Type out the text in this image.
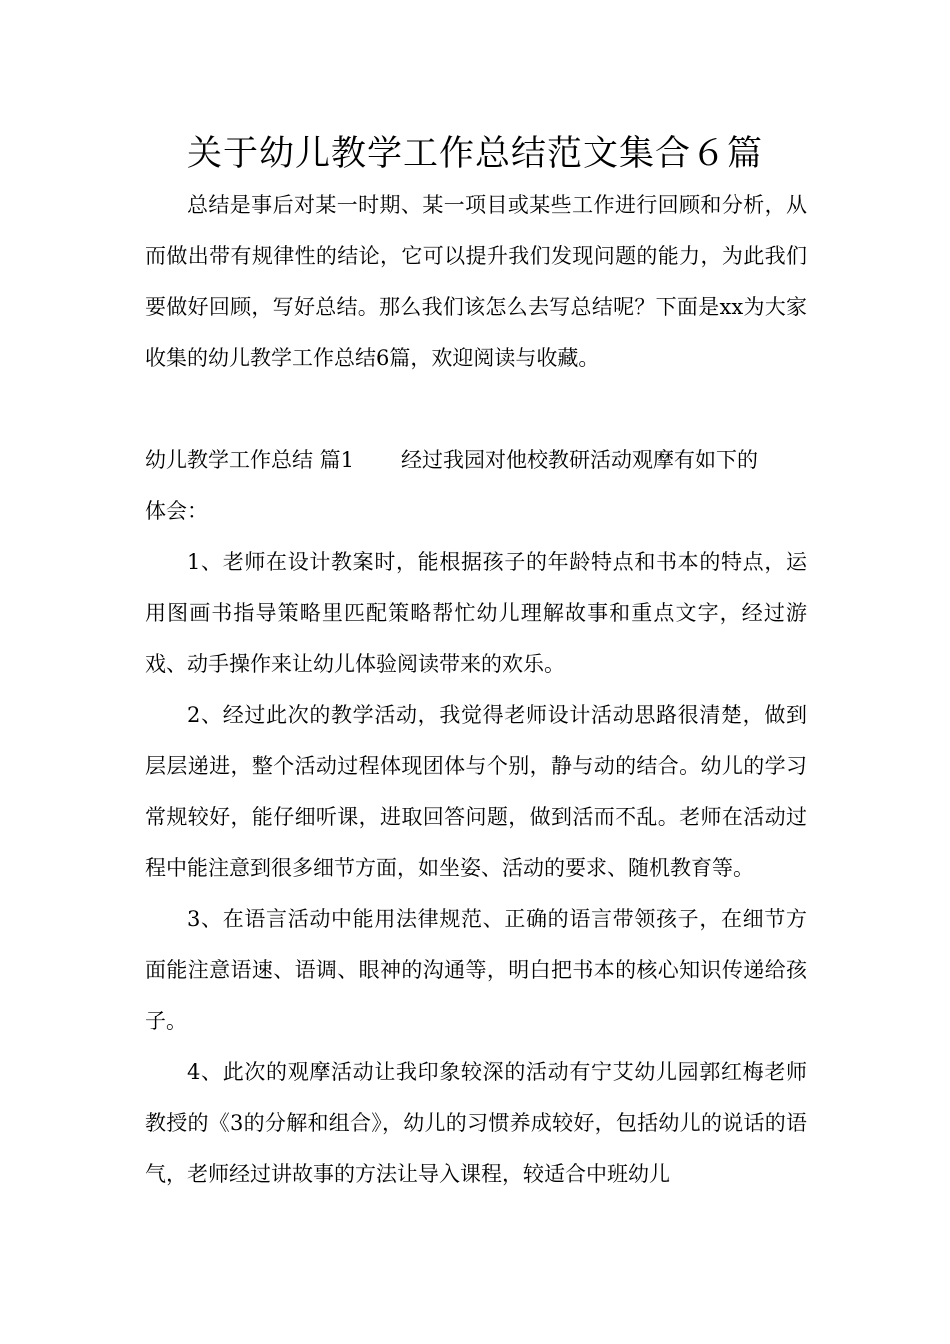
关于幼儿教学工作总结范文集合６篇

总结是事后对某一时期、某一项目或某些工作进行回顾和分析，从而做出带有规律性的结论，它可以提升我们发现问题的能力，为此我们要做好回顾，写好总结。那么我们该怎么去写总结呢？下面是xx为大家收集的幼儿教学工作总结6篇，欢迎阅读与收藏。

幼儿教学工作总结 篇1 经过我园对他校教研活动观摩有如下的
体会：

1、老师在设计教案时，能根据孩子的年龄特点和书本的特点，运用图画书指导策略里匹配策略帮忙幼儿理解故事和重点文字，经过游戏、动手操作来让幼儿体验阅读带来的欢乐。

2、经过此次的教学活动，我觉得老师设计活动思路很清楚，做到层层递进，整个活动过程体现团体与个别，静与动的结合。幼儿的学习常规较好，能仔细听课，进取回答问题，做到活而不乱。老师在活动过程中能注意到很多细节方面，如坐姿、活动的要求、随机教育等。

3、在语言活动中能用法律规范、正确的语言带领孩子，在细节方面能注意语速、语调、眼神的沟通等，明白把书本的核心知识传递给孩子。

4、此次的观摩活动让我印象较深的活动有宁艾幼儿园郭红梅老师教授的《3的分解和组合》，幼儿的习惯养成较好，包括幼儿的说话的语气，老师经过讲故事的方法让导入课程，较适合中班幼儿
